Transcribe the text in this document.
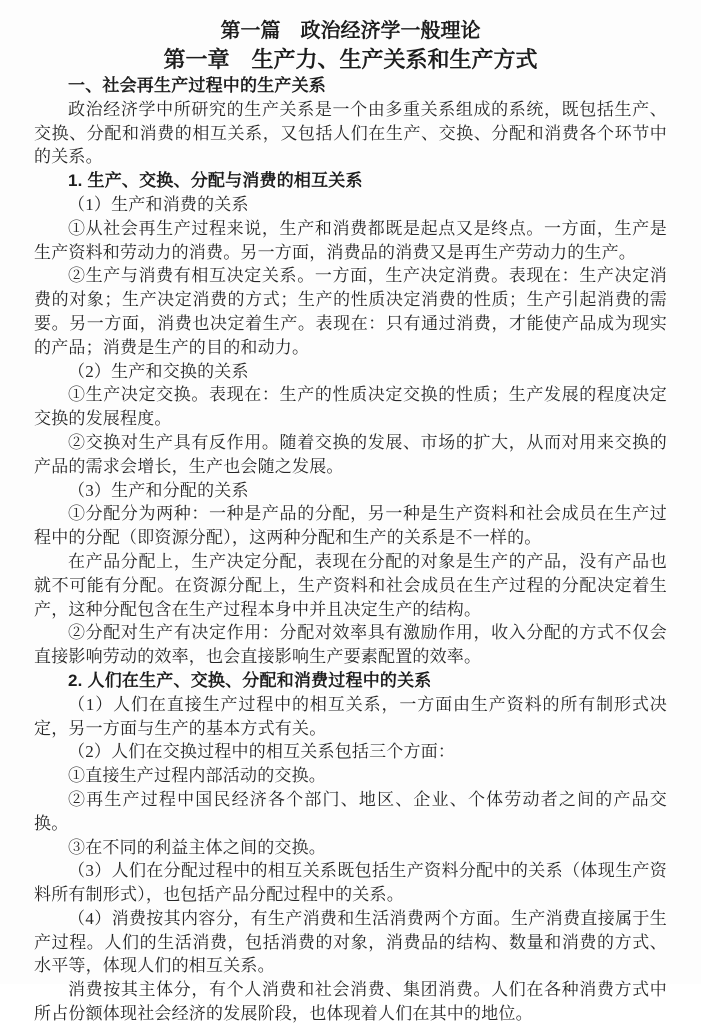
第一篇　政治经济学一般理论
第一章　生产力、生产关系和生产方式

一、社会再生产过程中的生产关系

政治经济学中所研究的生产关系是一个由多重关系组成的系统，既包括生产、交换、分配和消费的相互关系，又包括人们在生产、交换、分配和消费各个环节中的关系。

1. 生产、交换、分配与消费的相互关系

（1）生产和消费的关系

①从社会再生产过程来说，生产和消费都既是起点又是终点。一方面，生产是生产资料和劳动力的消费。另一方面，消费品的消费又是再生产劳动力的生产。

②生产与消费有相互决定关系。一方面，生产决定消费。表现在：生产决定消费的对象；生产决定消费的方式；生产的性质决定消费的性质；生产引起消费的需要。另一方面，消费也决定着生产。表现在：只有通过消费，才能使产品成为现实的产品；消费是生产的目的和动力。

（2）生产和交换的关系

①生产决定交换。表现在：生产的性质决定交换的性质；生产发展的程度决定交换的发展程度。

②交换对生产具有反作用。随着交换的发展、市场的扩大，从而对用来交换的产品的需求会增长，生产也会随之发展。

（3）生产和分配的关系

①分配分为两种：一种是产品的分配，另一种是生产资料和社会成员在生产过程中的分配（即资源分配），这两种分配和生产的关系是不一样的。

在产品分配上，生产决定分配，表现在分配的对象是生产的产品，没有产品也就不可能有分配。在资源分配上，生产资料和社会成员在生产过程的分配决定着生产，这种分配包含在生产过程本身中并且决定生产的结构。

②分配对生产有决定作用：分配对效率具有激励作用，收入分配的方式不仅会直接影响劳动的效率，也会直接影响生产要素配置的效率。

2. 人们在生产、交换、分配和消费过程中的关系

（1）人们在直接生产过程中的相互关系，一方面由生产资料的所有制形式决定，另一方面与生产的基本方式有关。

（2）人们在交换过程中的相互关系包括三个方面：

①直接生产过程内部活动的交换。

②再生产过程中国民经济各个部门、地区、企业、个体劳动者之间的产品交换。

③在不同的利益主体之间的交换。

（3）人们在分配过程中的相互关系既包括生产资料分配中的关系（体现生产资料所有制形式），也包括产品分配过程中的关系。

（4）消费按其内容分，有生产消费和生活消费两个方面。生产消费直接属于生产过程。人们的生活消费，包括消费的对象，消费品的结构、数量和消费的方式、水平等，体现人们的相互关系。

消费按其主体分，有个人消费和社会消费、集团消费。人们在各种消费方式中所占份额体现社会经济的发展阶段，也体现着人们在其中的地位。
